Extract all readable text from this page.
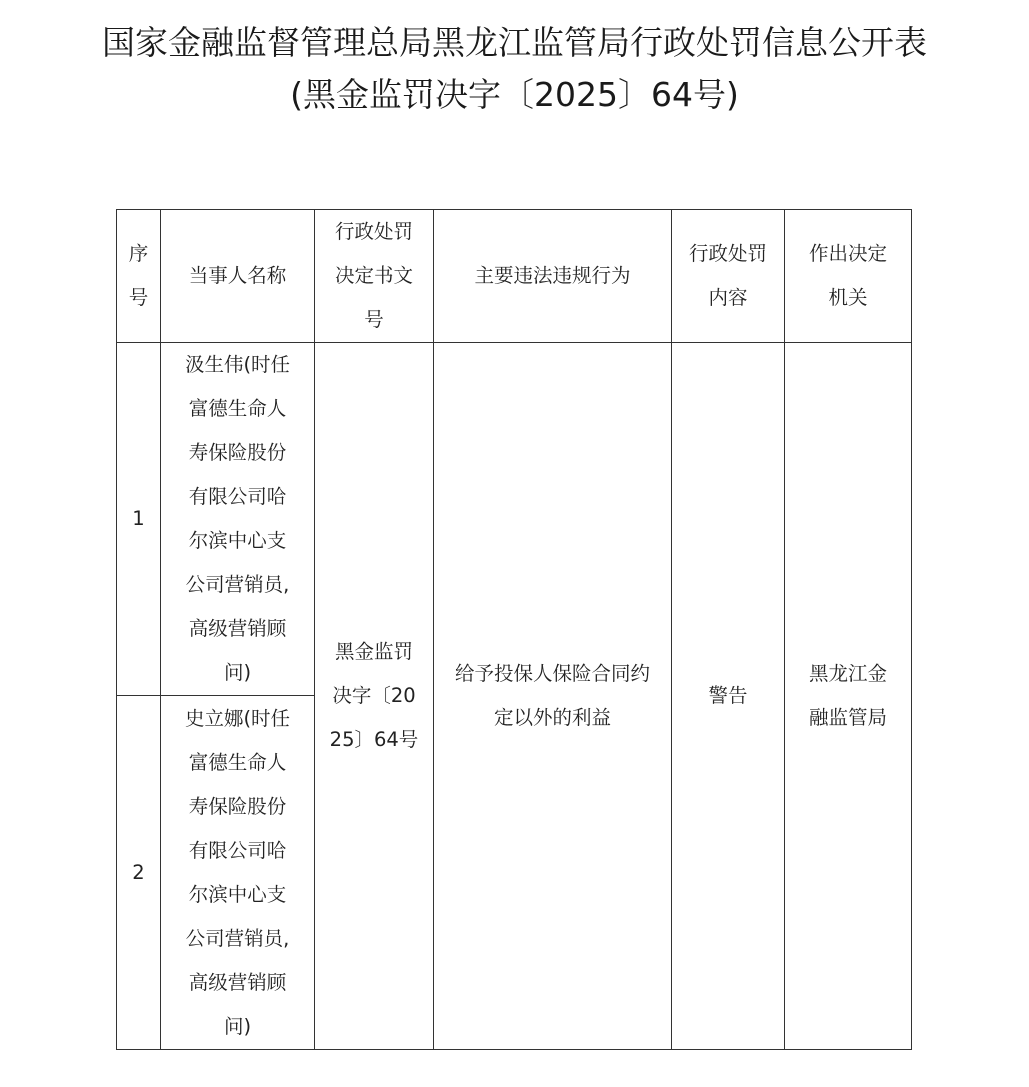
国家金融监督管理总局黑龙江监管局行政处罚信息公开表
(黑金监罚决字〔2025〕64号)
序号	当事人名称	行政处罚决定书文号	主要违法违规行为	行政处罚内容	作出决定机关

1	汲生伟(时任富德生命人寿保险股份有限公司哈尔滨中心支公司营销员,高级营销顾问)	黑金监罚决字〔2025〕64号	给予投保人保险合同约定以外的利益	警告	黑龙江金融监管局

2	史立娜(时任富德生命人寿保险股份有限公司哈尔滨中心支公司营销员,高级营销顾问)				
